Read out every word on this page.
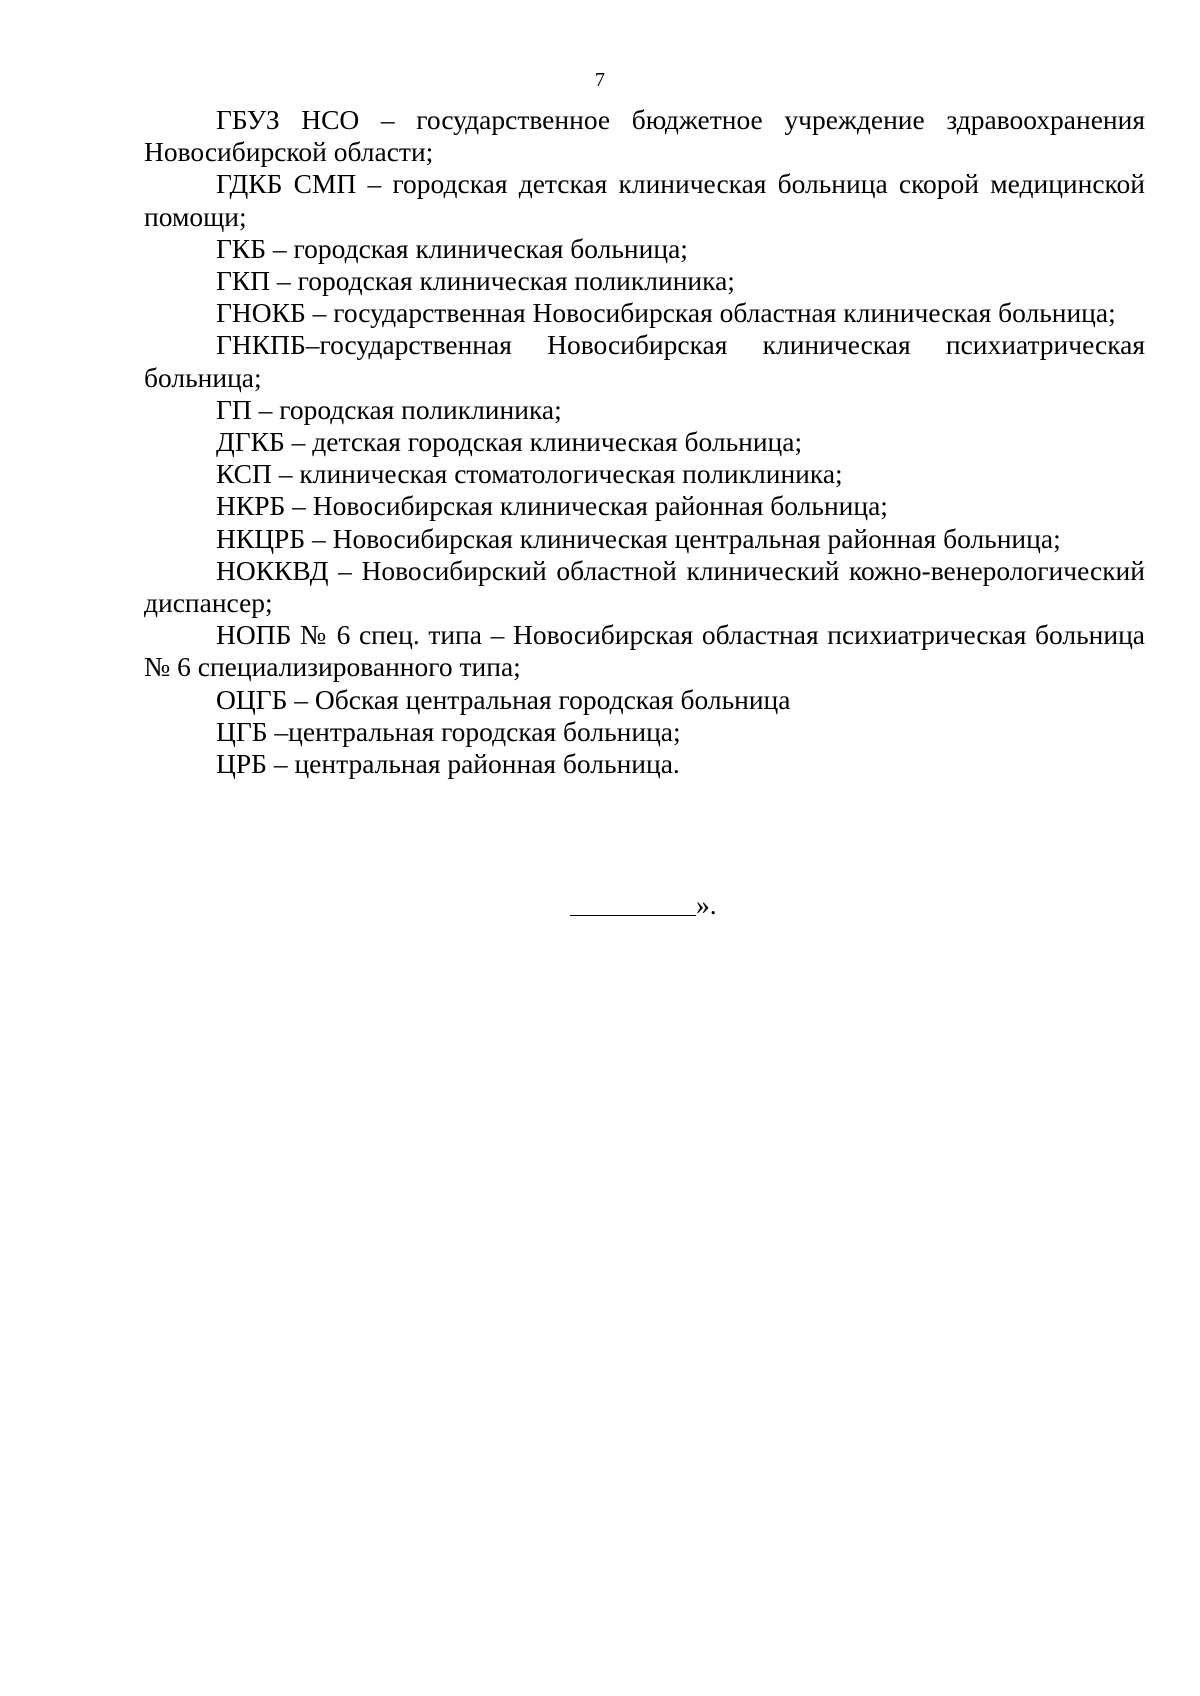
7

ГБУЗ НСО – государственное бюджетное учреждение здравоохранения Новосибирской области;

ГДКБ СМП – городская детская клиническая больница скорой медицинской помощи;

ГКБ – городская клиническая больница;

ГКП – городская клиническая поликлиника;

ГНОКБ – государственная Новосибирская областная клиническая больница;

ГНКПБ–государственная Новосибирская клиническая психиатрическая больница;

ГП – городская поликлиника;

ДГКБ – детская городская клиническая больница;

КСП – клиническая стоматологическая поликлиника;

НКРБ – Новосибирская клиническая районная больница;

НКЦРБ – Новосибирская клиническая центральная районная больница;

НОККВД – Новосибирский областной клинический кожно-венерологический диспансер;

НОПБ № 6 спец. типа – Новосибирская областная психиатрическая больница № 6 специализированного типа;

ОЦГБ – Обская центральная городская больница

ЦГБ –центральная городская больница;

ЦРБ – центральная районная больница.

».
